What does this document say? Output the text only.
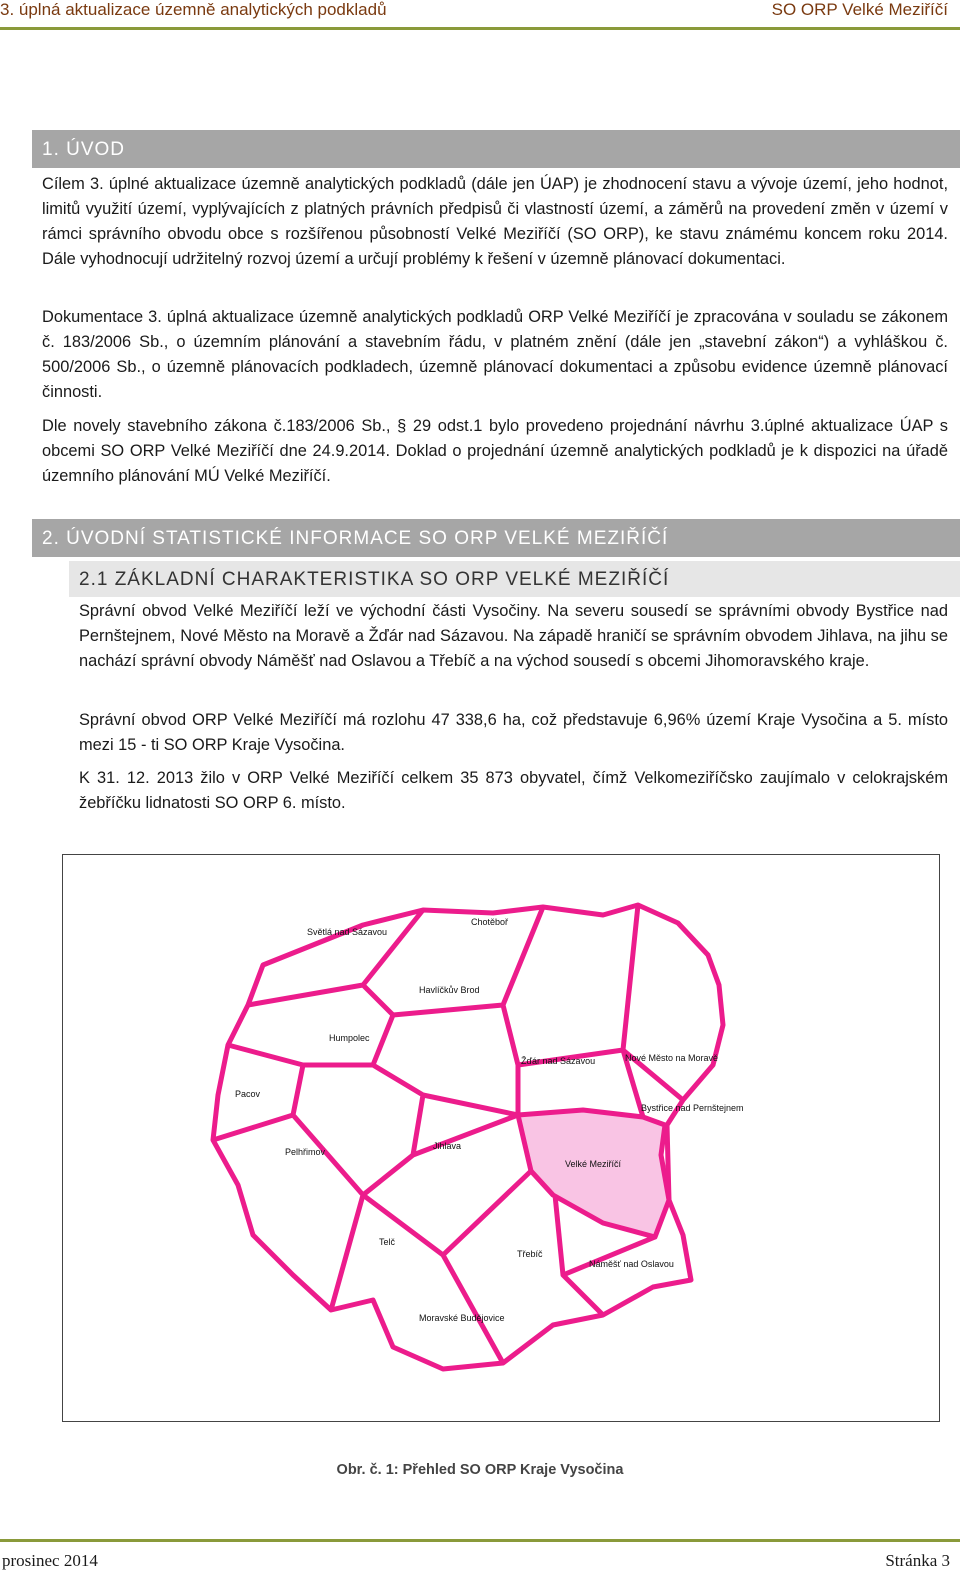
3. úplná aktualizace územně analytických podkladů	SO ORP Velké Meziříčí
1. ÚVOD

Cílem 3. úplné aktualizace územně analytických podkladů (dále jen ÚAP) je zhodnocení stavu a vývoje území, jeho hodnot, limitů využití území, vyplývajících z platných právních předpisů či vlastností území, a záměrů na provedení změn v území v rámci správního obvodu obce s rozšířenou působností Velké Meziříčí (SO ORP), ke stavu známému koncem roku 2014. Dále vyhodnocují udržitelný rozvoj území a určují problémy k řešení v územně plánovací dokumentaci.

Dokumentace 3. úplná aktualizace územně analytických podkladů ORP Velké Meziříčí je zpracována v souladu se zákonem č. 183/2006 Sb., o územním plánování a stavebním řádu, v platném znění (dále jen „stavební zákon“) a vyhláškou č. 500/2006 Sb., o územně plánovacích podkladech, územně plánovací dokumentaci a způsobu evidence územně plánovací činnosti.

Dle novely stavebního zákona č.183/2006 Sb., § 29 odst.1 bylo provedeno projednání návrhu 3.úplné aktualizace ÚAP s obcemi SO ORP Velké Meziříčí dne 24.9.2014. Doklad o projednání územně analytických podkladů je k dispozici na úřadě územního plánování MÚ Velké Meziříčí.

2. ÚVODNÍ STATISTICKÉ INFORMACE SO ORP VELKÉ MEZIŘÍČÍ
2.1 ZÁKLADNÍ CHARAKTERISTIKA SO ORP VELKÉ MEZIŘÍČÍ

Správní obvod Velké Meziříčí leží ve východní části Vysočiny. Na severu sousedí se správními obvody Bystřice nad Pernštejnem, Nové Město na Moravě a Žďár nad Sázavou. Na západě hraničí se správním obvodem Jihlava, na jihu se nachází správní obvody Náměšť nad Oslavou a Třebíč a na východ sousedí s obcemi Jihomoravského kraje.

Správní obvod ORP Velké Meziříčí má rozlohu 47 338,6 ha, což představuje 6,96% území Kraje Vysočina a 5. místo mezi 15 - ti SO ORP Kraje Vysočina.

K 31. 12. 2013 žilo v ORP Velké Meziříčí celkem 35 873 obyvatel, čímž Velkomeziříčsko zaujímalo v celokrajském žebříčku lidnatosti SO ORP 6. místo.

Světlá nad Sázavou
Chotěboř
Havlíčkův Brod
Humpolec
Pacov
Žďár nad Sázavou	Nové Město na Moravě
Bystřice nad Pernštejnem
Pelhřimov
Jihlava
Velké Meziříčí
Telč
Třebíč
Náměšť nad Oslavou
Moravské Budějovice
Obr. č. 1: Přehled SO ORP Kraje Vysočina
prosinec 2014	Stránka 3
